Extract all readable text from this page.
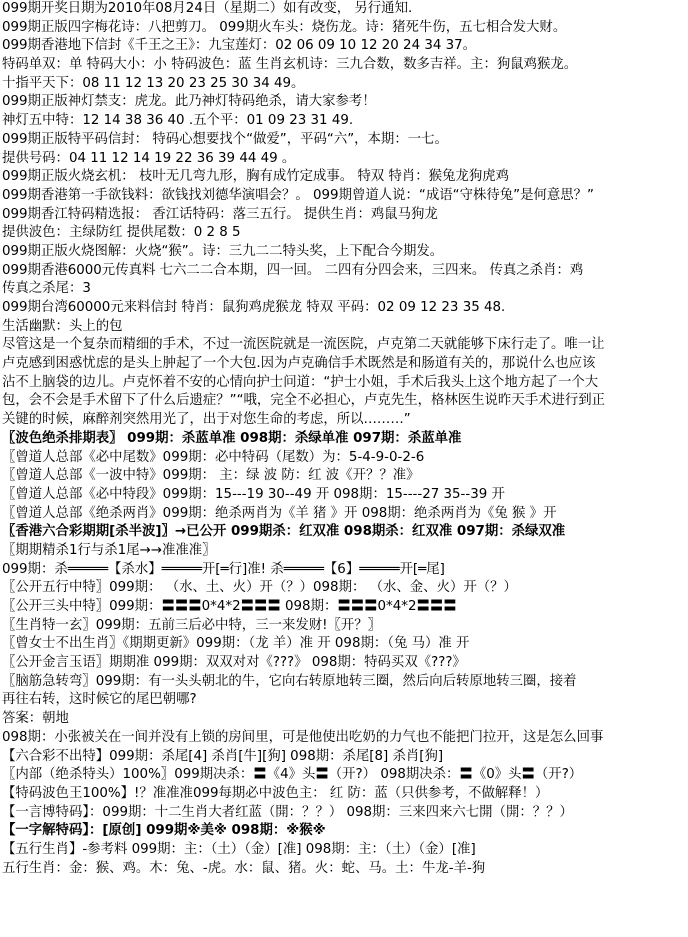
099期开奖日期为2010年08月24日（星期二）如有改变， 另行通知.
099期正版四字梅花诗：八把剪刀。 099期火车头：烧伤龙。诗：猪死牛伤，五七相合发大财。
099期香港地下信封《千王之王》：九宝莲灯：02 06 09 10 12 20 24 34 37。
特码单双：单 特码大小：小 特码波色：蓝 生肖玄机诗：三九合数，数多吉祥。主：狗鼠鸡猴龙。
十指平天下：08 11 12 13 20 23 25 30 34 49。
099期正版神灯禁支：虎龙。此乃神灯特码绝杀，请大家参考！
神灯五中特：12 14 38 36 40 .五个平：01 09 23 31 49.
099期正版特平码信封： 特码心想要找个“做爱”，平码“六”，本期：一七。
提供号码：04 11 12 14 19 22 36 39 44 49 。
099期正版火烧玄机： 枝叶无几弯九形，胸有成竹定成事。 特双 特肖：猴兔龙狗虎鸡
099期香港第一手欲钱料：欲钱找刘德华演唱会？。 099期曾道人说：“成语“守株待兔”是何意思？”
099期香江特码精选报： 香江话特码：落三五行。 提供生肖：鸡鼠马狗龙
提供波色：主绿防红 提供尾数：0 2 8 5
099期正版火烧图解：火烧“猴”。诗：三九二二特头奖，上下配合今期发。
099期香港6000元传真料 七六二二合本期，四一回。 二四有分四会来，三四来。 传真之杀肖：鸡
传真之杀尾：3
099期台湾60000元来料信封 特肖：鼠狗鸡虎猴龙 特双 平码：02 09 12 23 35 48.
生活幽默：头上的包
尽管这是一个复杂而精细的手术，不过一流医院就是一流医院，卢克第二天就能够下床行走了。唯一让
卢克感到困惑忧虑的是头上肿起了一个大包.因为卢克确信手术既然是和肠道有关的，那说什么也应该
沾不上脑袋的边儿。卢克怀着不安的心情向护士问道：“护士小姐，手术后我头上这个地方起了一个大
包，会不会是手术留下了什么后遗症？”“哦，完全不必担心，卢克先生，格林医生说昨天手术进行到正
关键的时候，麻醉剂突然用光了，出于对您生命的考虑，所以………”
〖波色绝杀排期表〗 099期：杀蓝单准 098期：杀绿单准 097期：杀蓝单准
〖曾道人总部《必中尾数》099期：必中特码（尾数）为：5-4-9-0-2-6
〖曾道人总部《一波中特》099期： 主：绿 波 防：红 波《开？？准》
〖曾道人总部《必中特段》099期：15---19 30--49 开 098期：15----27 35--39 开
〖曾道人总部《绝杀两肖》099期：绝杀两肖为《羊 猪 》开 098期：绝杀两肖为《兔 猴 》开
〖香港六合彩期期[杀半波]〗→已公开 099期杀：红双准 098期杀：红双准 097期：杀绿双准
〖期期精杀1行与杀1尾→→准准准〗
099期：杀═════【杀水】═════开[═行]准! 杀═════【6】═════开[═尾]
〖公开五行中特〗099期： （水、土、火）开（？）098期： （水、金、火）开（？）
〖公开三头中特〗099期：〓〓〓0*4*2〓〓〓 098期：〓〓〓0*4*2〓〓〓
〖生肖特一玄〗099期：五前三后必中特，三一来发财!〖开？〗
〖曾女士不出生肖〗《期期更新》099期：（龙 羊）准 开 098期：（兔 马）准 开
〖公开金言玉语〗期期准 099期：双双对对《???》 098期：特码买双《???》
〖脑筋急转弯〗099期：有一头头朝北的牛，它向右转原地转三圈，然后向后转原地转三圈，接着
再往右转，这时候它的尾巴朝哪?
答案：朝地
098期：小张被关在一间并没有上锁的房间里，可是他使出吃奶的力气也不能把门拉开，这是怎么回事
【六合彩不出特】099期：杀尾[4] 杀肖[牛][狗] 098期：杀尾[8] 杀肖[狗]
〖内部（绝杀特头）100%〗099期决杀：〓《4》头〓（开?） 098期决杀：〓《0》头〓（开?）
【特码波色王100%】!？准准准099每期必中波色主： 红 防：蓝（只供参考，不做解释！）
【一言博特码】：099期：十二生肖大者红蓝（開：？？） 098期：三来四来六七開（開：？？）
【一字解特码】：[原创] 099期※美※ 098期：※猴※
【五行生肖】-参考料 099期：主：（土）（金）[准] 098期：主：（土）（金）[准]
五行生肖：金：猴、鸡。木：兔、-虎。水：鼠、猪。火：蛇、马。土：牛龙-羊-狗
